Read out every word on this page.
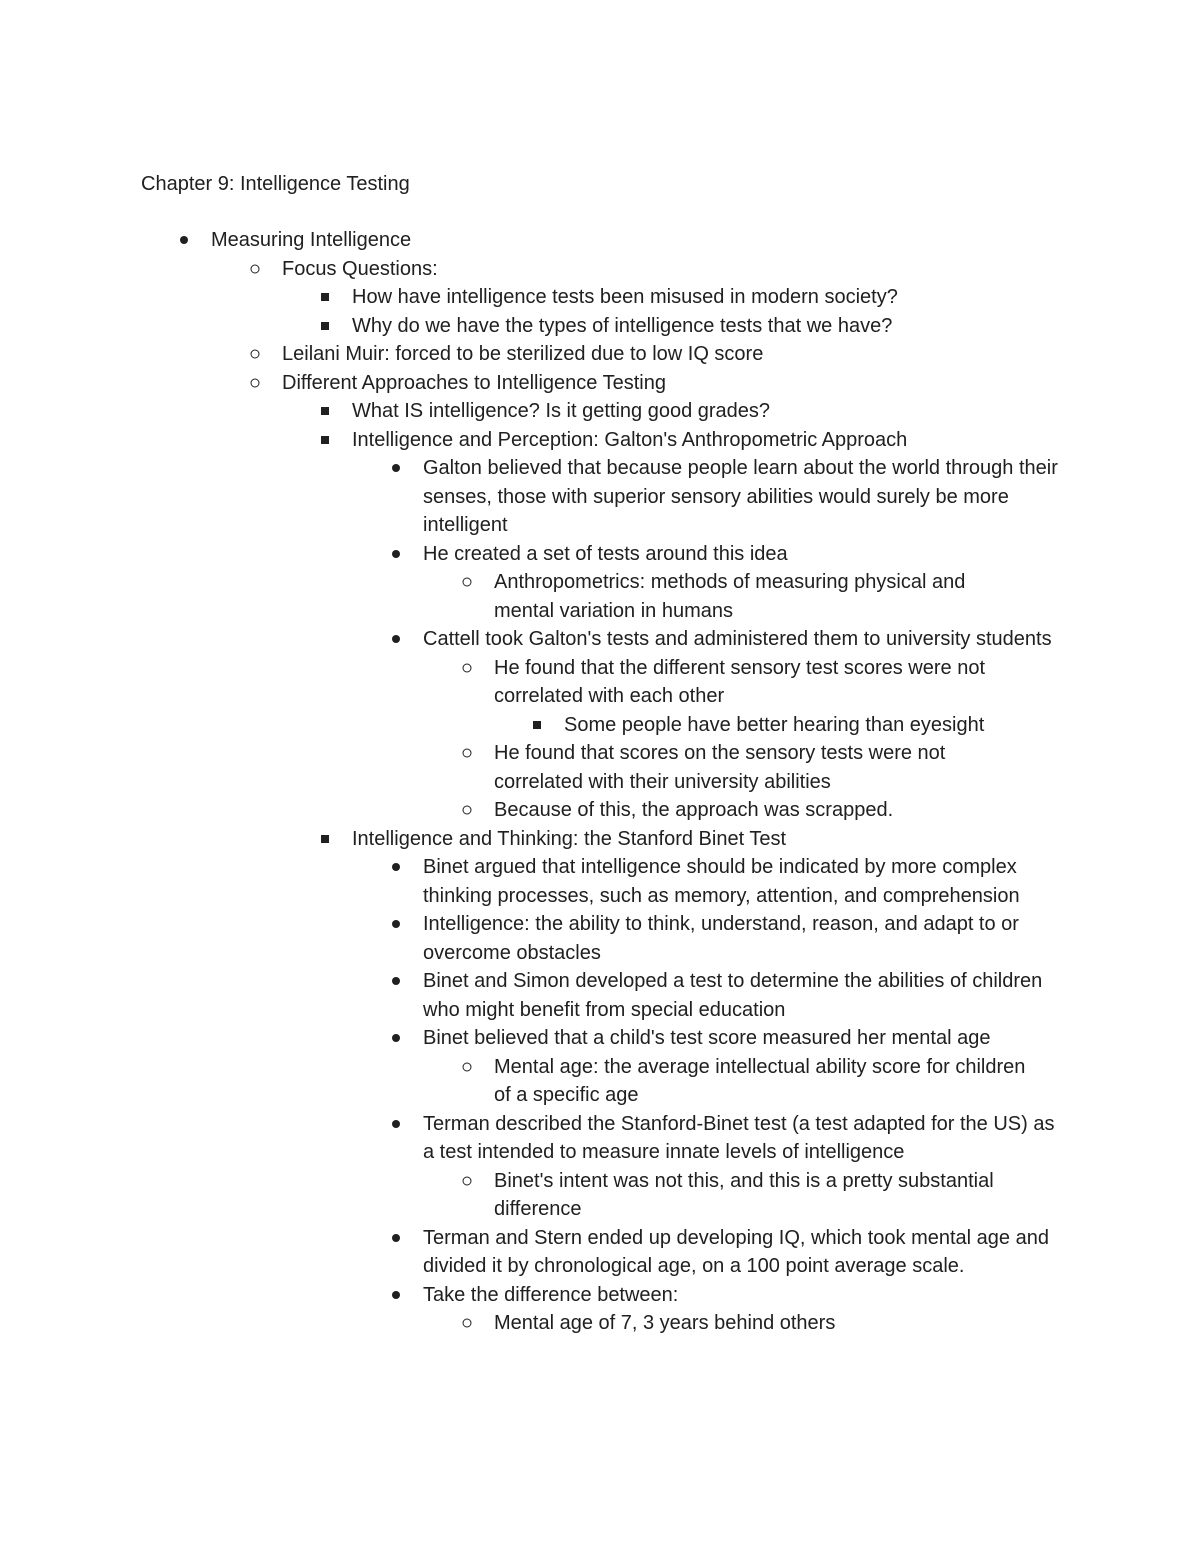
Chapter 9: Intelligence Testing
Measuring Intelligence
Focus Questions:
How have intelligence tests been misused in modern society?
Why do we have the types of intelligence tests that we have?
Leilani Muir: forced to be sterilized due to low IQ score
Different Approaches to Intelligence Testing
What IS intelligence? Is it getting good grades?
Intelligence and Perception: Galton's Anthropometric Approach
Galton believed that because people learn about the world through their senses, those with superior sensory abilities would surely be more intelligent
He created a set of tests around this idea
Anthropometrics: methods of measuring physical and mental variation in humans
Cattell took Galton's tests and administered them to university students
He found that the different sensory test scores were not correlated with each other
Some people have better hearing than eyesight
He found that scores on the sensory tests were not correlated with their university abilities
Because of this, the approach was scrapped.
Intelligence and Thinking: the Stanford Binet Test
Binet argued that intelligence should be indicated by more complex thinking processes, such as memory, attention, and comprehension
Intelligence: the ability to think, understand, reason, and adapt to or overcome obstacles
Binet and Simon developed a test to determine the abilities of children who might benefit from special education
Binet believed that a child's test score measured her mental age
Mental age: the average intellectual ability score for children of a specific age
Terman described the Stanford-Binet test (a test adapted for the US) as a test intended to measure innate levels of intelligence
Binet's intent was not this, and this is a pretty substantial difference
Terman and Stern ended up developing IQ, which took mental age and divided it by chronological age, on a 100 point average scale.
Take the difference between:
Mental age of 7, 3 years behind others
